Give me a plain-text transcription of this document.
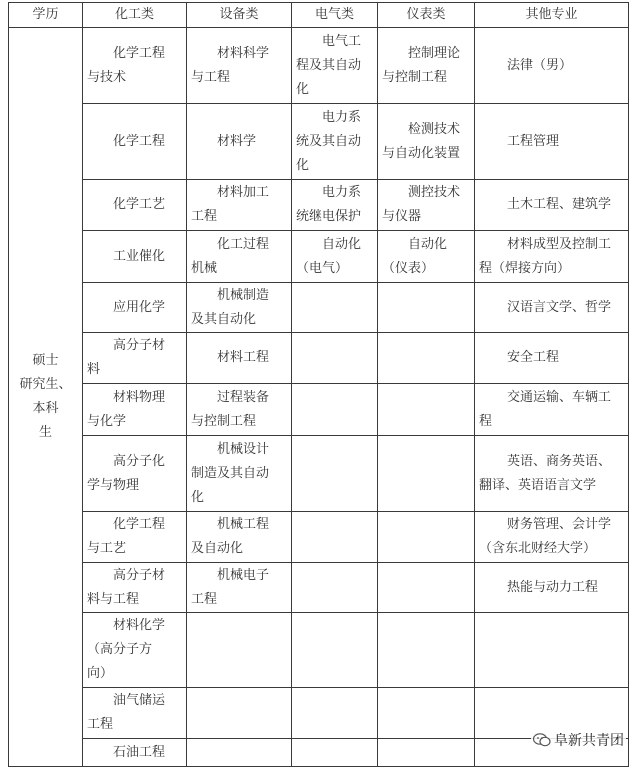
学历	化工类	设备类	电气类	仪表类	其他专业

硕士
研究生、
本科
生	化学工程
与技术	材料科学
与工程	电气工
程及其自动
化	控制理论
与控制工程	法律（男）

	化学工程	材料学	电力系
统及其自动
化	检测技术
与自动化装置	工程管理

	化学工艺	材料加工
工程	电力系
统继电保护	测控技术
与仪器	土木工程、建筑学

	工业催化	化工过程
机械	自动化
（电气）	自动化
（仪表）	材料成型及控制工
程（焊接方向）

	应用化学	机械制造
及其自动化			汉语言文学、哲学

	高分子材
料	材料工程			安全工程

	材料物理
与化学	过程装备
与控制工程			交通运输、车辆工
程

	高分子化
学与物理	机械设计
制造及其自动
化			英语、商务英语、
翻译、英语语言文学

	化学工程
与工艺	机械工程
及自动化			财务管理、会计学
（含东北财经大学）

	高分子材
料与工程	机械电子
工程			热能与动力工程

	材料化学
（高分子方
向）				

	油气储运
工程				

	石油工程				

阜新共青团
